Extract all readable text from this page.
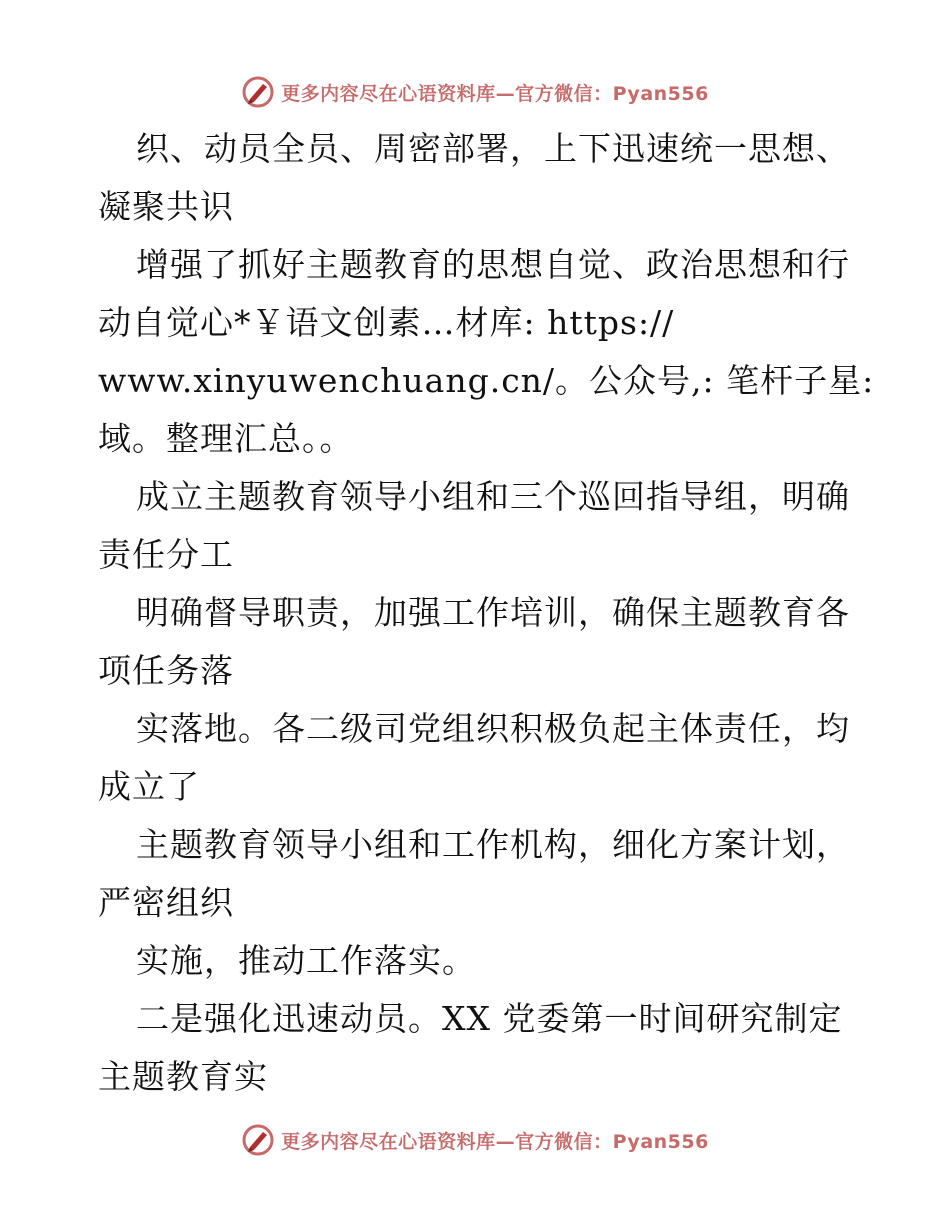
更多内容尽在心语资料库—官方微信：Pyan556
织、动员全员、周密部署，上下迅速统一思想、
凝聚共识
增强了抓好主题教育的思想自觉、政治思想和行
动自觉心*￥语文创素…材库: https://
www.xinyuwenchuang.cn/。公众号,: 笔杆子星:
域。整理汇总。。
成立主题教育领导小组和三个巡回指导组，明确
责任分工
明确督导职责，加强工作培训，确保主题教育各
项任务落
实落地。各二级司党组织积极负起主体责任，均
成立了
主题教育领导小组和工作机构，细化方案计划，
严密组织
实施，推动工作落实。
二是强化迅速动员。XX 党委第一时间研究制定
主题教育实
更多内容尽在心语资料库—官方微信：Pyan556
